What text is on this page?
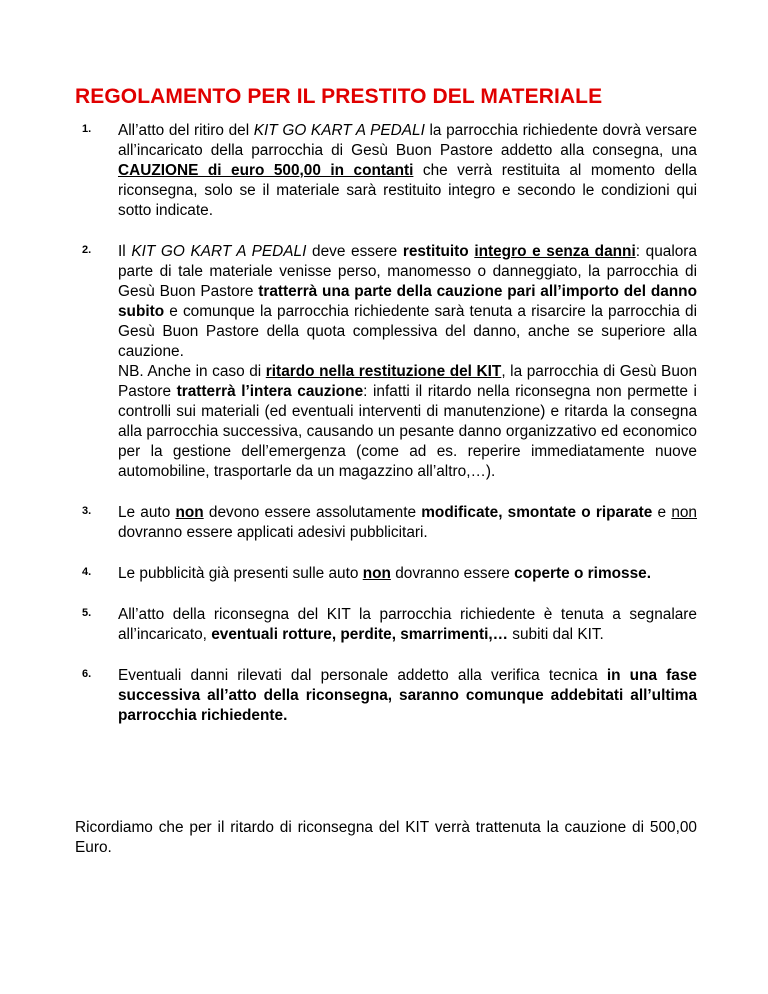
REGOLAMENTO PER IL PRESTITO DEL MATERIALE
1. All’atto del ritiro del KIT GO KART A PEDALI la parrocchia richiedente dovrà versare all’incaricato della parrocchia di Gesù Buon Pastore addetto alla consegna, una CAUZIONE di euro 500,00 in contanti che verrà restituita al momento della riconsegna, solo se il materiale sarà restituito integro e secondo le condizioni qui sotto indicate.
2. Il KIT GO KART A PEDALI deve essere restituito integro e senza danni: qualora parte di tale materiale venisse perso, manomesso o danneggiato, la parrocchia di Gesù Buon Pastore tratterrà una parte della cauzione pari all’importo del danno subito e comunque la parrocchia richiedente sarà tenuta a risarcire la parrocchia di Gesù Buon Pastore della quota complessiva del danno, anche se superiore alla cauzione.
NB. Anche in caso di ritardo nella restituzione del KIT, la parrocchia di Gesù Buon Pastore tratterrà l’intera cauzione: infatti il ritardo nella riconsegna non permette i controlli sui materiali (ed eventuali interventi di manutenzione) e ritarda la consegna alla parrocchia successiva, causando un pesante danno organizzativo ed economico per la gestione dell’emergenza (come ad es. reperire immediatamente nuove automobiline, trasportarle da un magazzino all’altro,…).
3. Le auto non devono essere assolutamente modificate, smontate o riparate e non dovranno essere applicati adesivi pubblicitari.
4. Le pubblicità già presenti sulle auto non dovranno essere coperte o rimosse.
5. All’atto della riconsegna del KIT la parrocchia richiedente è tenuta a segnalare all’incaricato, eventuali rotture, perdite, smarrimenti,… subiti dal KIT.
6. Eventuali danni rilevati dal personale addetto alla verifica tecnica in una fase successiva all’atto della riconsegna, saranno comunque addebitati all’ultima parrocchia richiedente.
Ricordiamo che per il ritardo di riconsegna del KIT verrà trattenuta la cauzione di 500,00 Euro.
